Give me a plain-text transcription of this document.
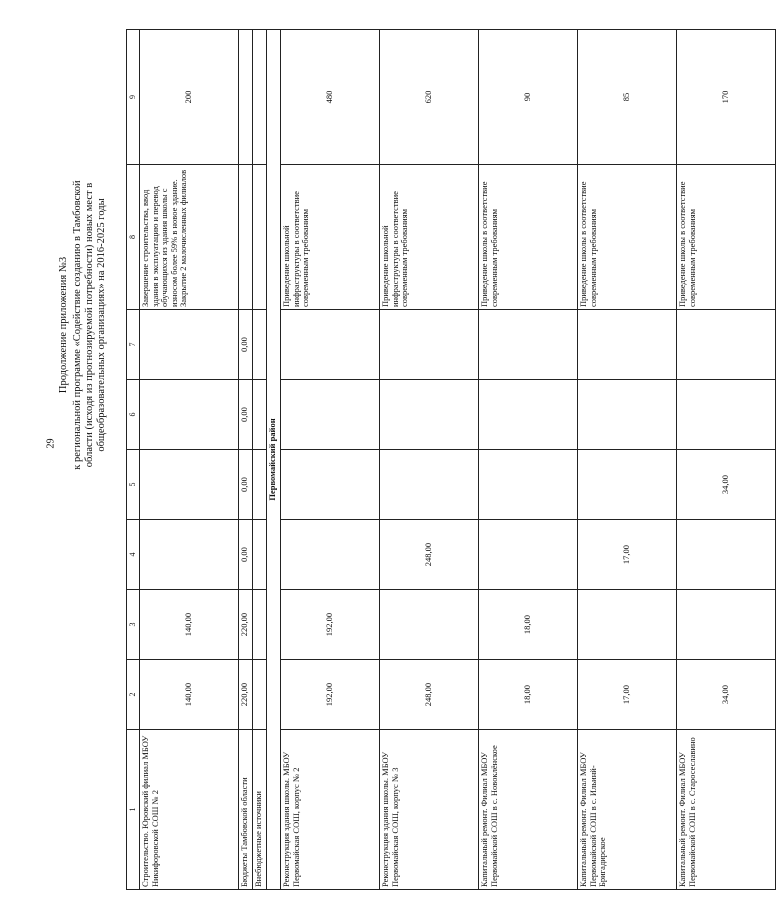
29
Продолжение приложения №3 к региональной программе «Содействие созданию в Тамбовской области (исходя из прогнозируемой потребности) новых мест в общеобразовательных организациях» на 2016-2025 годы
1	2	3	4	5	6	7	8	9
Строительство. Юровский филиал МБОУ Никифоровской СОШ № 2	140,00	140,00					Завершение строительства, ввод здания в эксплуатацию и перевод обучающихся из здания школы с износом более 59% в новое здание. Закрытие 2 малочисленных филиалов	200
Бюджеты Тамбовской области	220,00	220,00	0,00	0,00	0,00	0,00		
Внебюджетные источники								
Первомайский район								
Реконструкция здания школы. МБОУ Первомайская СОШ, корпус № 2	192,00	192,00					Приведение школьной инфраструктуры в соответствие современным требованиям	480
Реконструкция здания школы. МБОУ Первомайская СОШ, корпус № 3	248,00		248,00				Приведение школьной инфраструктуры в соответствие современным требованиям	620
Капитальный ремонт. Филиал МБОУ Первомайской СОШ в с. Новоклёнское	18,00	18,00					Приведение школы в соответствие современным требованиям	90
Капитальный ремонт. Филиал МБОУ Первомайской СОШ в с. Ильинй-Бригадирское	17,00		17,00				Приведение школы в соответствие современным требованиям	85
Капитальный ремонт. Филиал МБОУ Первомайской СОШ в с. Старосеславино	34,00			34,00			Приведение школы в соответствие современным требованиям	170
